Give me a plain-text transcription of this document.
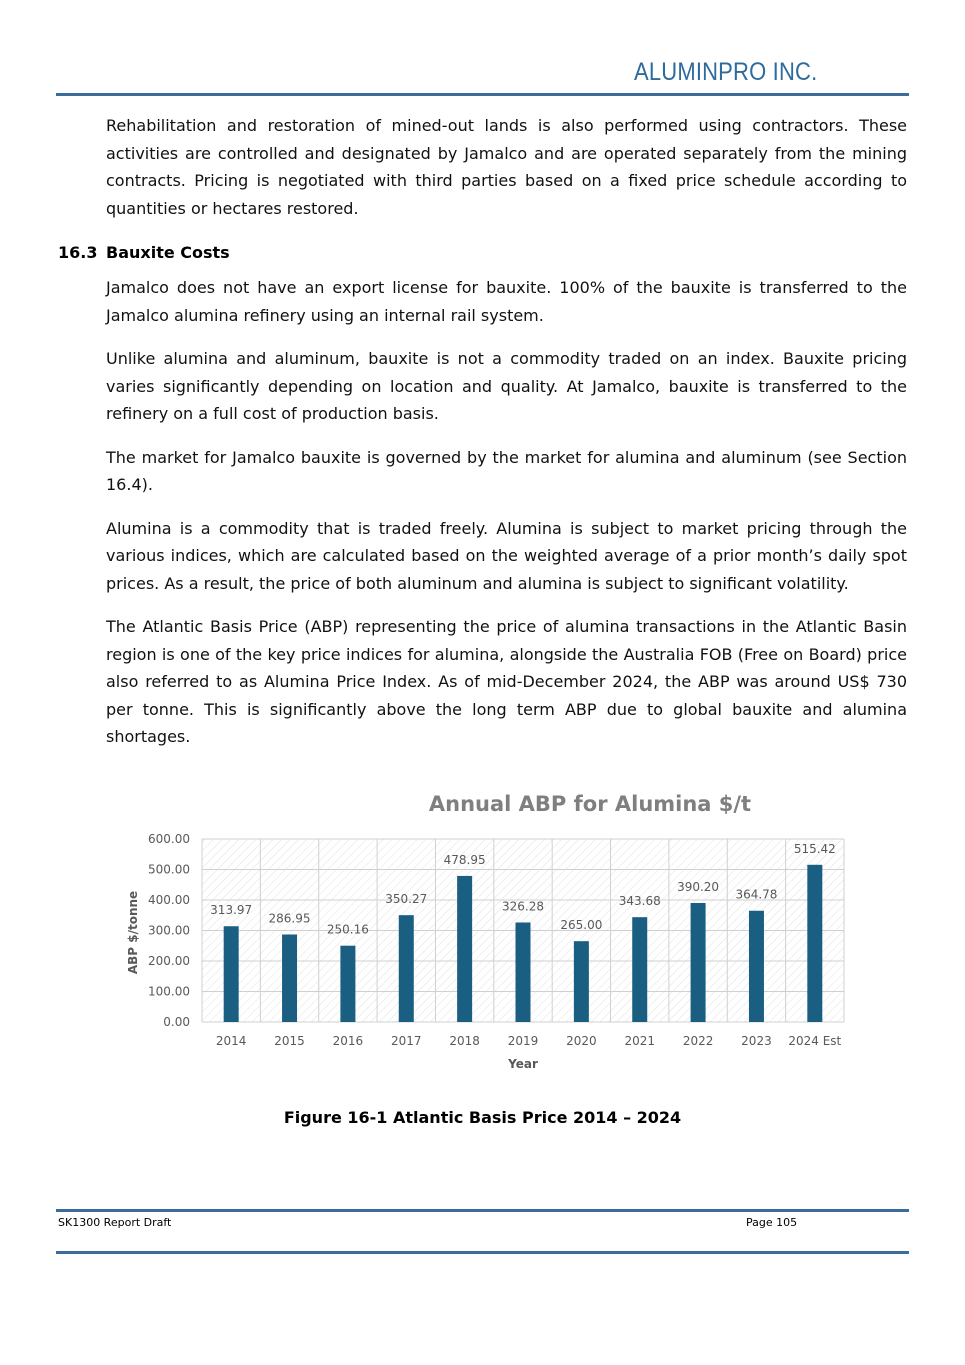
ALUMINPRO INC.

Rehabilitation and restoration of mined-out lands is also performed using contractors. These activities are controlled and designated by Jamalco and are operated separately from the mining contracts. Pricing is negotiated with third parties based on a fixed price schedule according to quantities or hectares restored.

16.3 Bauxite Costs

Jamalco does not have an export license for bauxite. 100% of the bauxite is transferred to the Jamalco alumina refinery using an internal rail system.

Unlike alumina and aluminum, bauxite is not a commodity traded on an index. Bauxite pricing varies significantly depending on location and quality. At Jamalco, bauxite is transferred to the refinery on a full cost of production basis.

The market for Jamalco bauxite is governed by the market for alumina and aluminum (see Section 16.4).

Alumina is a commodity that is traded freely. Alumina is subject to market pricing through the various indices, which are calculated based on the weighted average of a prior month’s daily spot prices. As a result, the price of both aluminum and alumina is subject to significant volatility.

The Atlantic Basis Price (ABP) representing the price of alumina transactions in the Atlantic Basin region is one of the key price indices for alumina, alongside the Australia FOB (Free on Board) price also referred to as Alumina Price Index. As of mid-December 2024, the ABP was around US$ 730 per tonne. This is significantly above the long term ABP due to global bauxite and alumina shortages.

0.00
100.00
200.00
300.00
400.00
500.00
600.00
313.97
2014
286.95
2015
250.16
2016
350.27
2017
478.95
2018
326.28
2019
265.00
2020
343.68
2021
390.20
2022
364.78
2023
515.42
2024 Est
Annual ABP for Alumina $/t
Year
ABP $/tonne
Figure 16-1 Atlantic Basis Price 2014 – 2024
SK1300 Report Draft	Page 105
